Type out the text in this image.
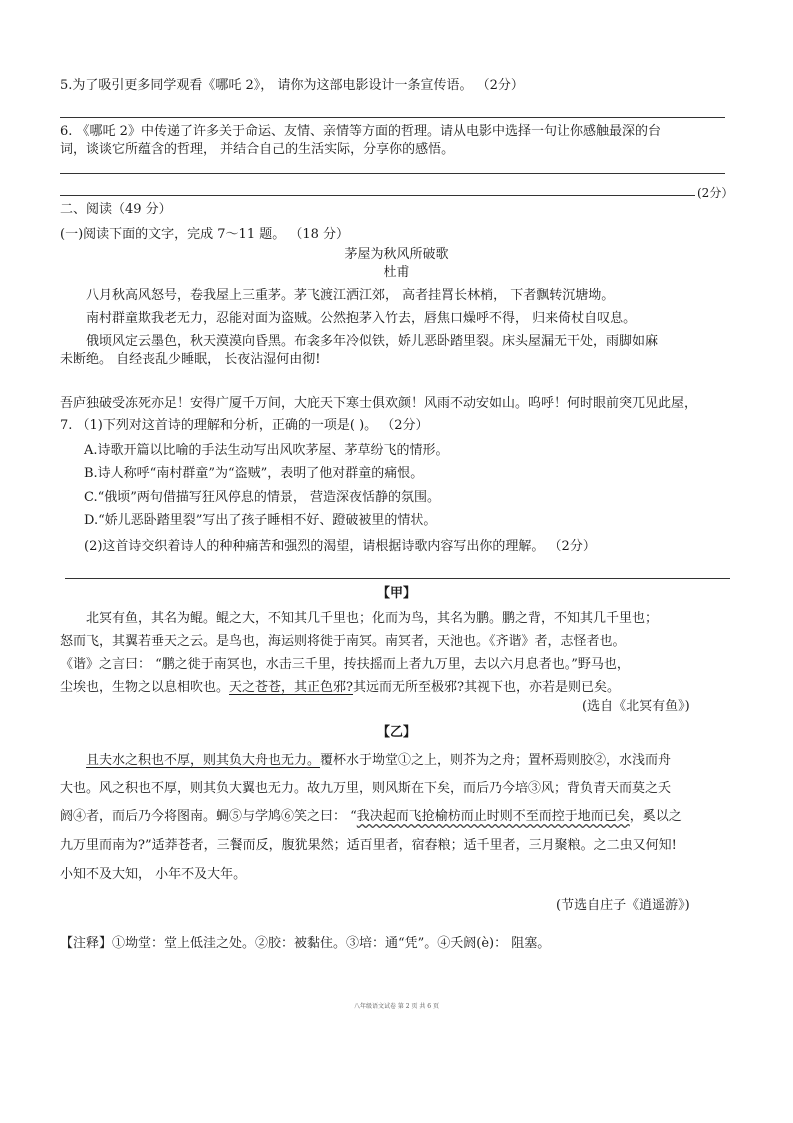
5.为了吸引更多同学观看《哪吒 2》， 请你为这部电影设计一条宣传语。 （2分）
6. 《哪吒 2》中传递了许多关于命运、友情、亲情等方面的哲理。请从电影中选择一句让你感触最深的台
词，谈谈它所蕴含的哲理， 并结合自己的生活实际，分享你的感悟。
(2分）
二、阅读（49 分）
(一)阅读下面的文字，完成 7～11 题。 （18 分）
茅屋为秋风所破歌
杜甫
八月秋高风怒号，卷我屋上三重茅。茅飞渡江洒江郊， 高者挂罥长林梢， 下者飘转沉塘坳。
南村群童欺我老无力，忍能对面为盗贼。公然抱茅入竹去，唇焦口燥呼不得， 归来倚杖自叹息。
俄顷风定云墨色，秋天漠漠向昏黑。布衾多年冷似铁，娇儿恶卧踏里裂。床头屋漏无干处，雨脚如麻
未断绝。 自经丧乱少睡眠， 长夜沾湿何由彻!
吾庐独破受冻死亦足！安得广厦千万间，大庇天下寒士俱欢颜！风雨不动安如山。呜呼！何时眼前突兀见此屋，
7. （1)下列对这首诗的理解和分析，正确的一项是( )。 （2分）
A.诗歌开篇以比喻的手法生动写出风吹茅屋、茅草纷飞的情形。
B.诗人称呼“南村群童”为“盗贼”，表明了他对群童的痛恨。
C.“俄顷”两句借描写狂风停息的情景， 营造深夜恬静的氛围。
D.“娇儿恶卧踏里裂”写出了孩子睡相不好、蹬破被里的情状。
(2)这首诗交织着诗人的种种痛苦和强烈的渴望，请根据诗歌内容写出你的理解。 （2分）
【甲】
北冥有鱼，其名为鲲。鲲之大，不知其几千里也；化而为鸟，其名为鹏。鹏之背，不知其几千里也；
怒而飞，其翼若垂天之云。是鸟也，海运则将徙于南冥。南冥者，天池也。《齐谐》者，志怪者也。
《谐》之言曰： “鹏之徙于南冥也，水击三千里，抟扶摇而上者九万里，去以六月息者也。”野马也，
尘埃也，生物之以息相吹也。天之苍苍，其正色邪?其远而无所至极邪?其视下也，亦若是则已矣。
(选自《北冥有鱼》)
【乙】
且夫水之积也不厚，则其负大舟也无力。覆杯水于坳堂①之上，则芥为之舟；置杯焉则胶②，水浅而舟
大也。风之积也不厚，则其负大翼也无力。故九万里，则风斯在下矣，而后乃今培③风；背负青天而莫之夭
阏④者，而后乃今将图南。蜩⑤与学鸠⑥笑之曰： “我决起而飞抢榆枋而止时则不至而控于地而已矣，奚以之
九万里而南为?”适莽苍者，三餐而反，腹犹果然；适百里者，宿舂粮；适千里者，三月聚粮。之二虫又何知!
小知不及大知， 小年不及大年。
(节选自庄子《逍遥游》)
【注释】①坳堂：堂上低洼之处。②胶：被黏住。③培：通“凭”。④夭阏(è)： 阻塞。
八年级语文试卷 第 2 页 共 6 页
